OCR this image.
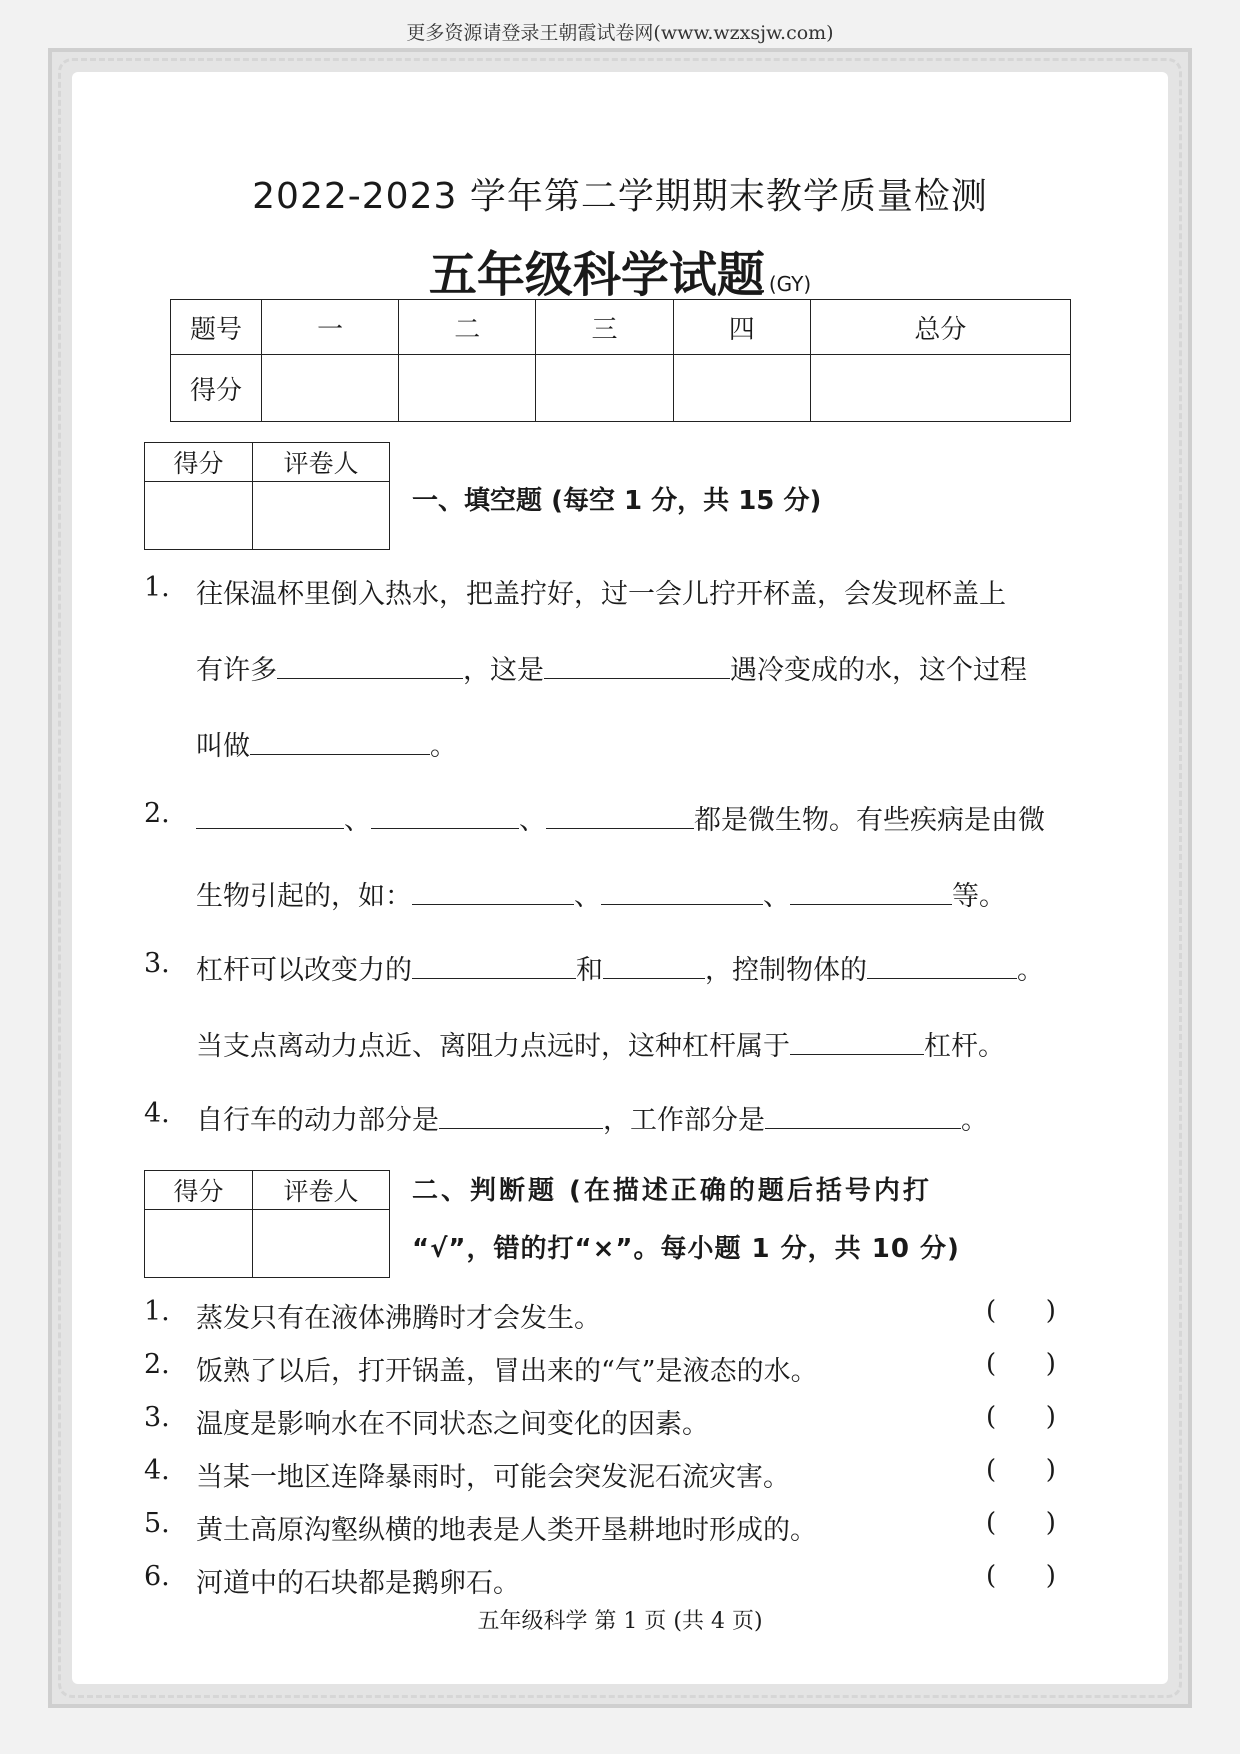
更多资源请登录王朝霞试卷网(www.wzxsjw.com)
2022-2023 学年第二学期期末教学质量检测
五年级科学试题 (GY)
题号	一	二	三	四	总分
得分					
得分	评卷人

一、填空题 (每空 1 分，共 15 分)
1. 往保温杯里倒入热水，把盖拧好，过一会儿拧开杯盖，会发现杯盖上
有许多	，这是	遇冷变成的水，这个过程
叫做	。
2.	、	、	都是微生物。有些疾病是由微
生物引起的，如：	、	、	等。
3. 杠杆可以改变力的	和	，控制物体的	。
当支点离动力点近、离阻力点远时，这种杠杆属于	杠杆。
4. 自行车的动力部分是	，工作部分是	。
得分	评卷人
	二、判断题 (在描述正确的题后括号内打
“√”，错的打“×”。每小题 1 分，共 10 分)
1. 蒸发只有在液体沸腾时才会发生。	(      )
2. 饭熟了以后，打开锅盖，冒出来的“气”是液态的水。	(      )
3. 温度是影响水在不同状态之间变化的因素。	(      )
4. 当某一地区连降暴雨时，可能会突发泥石流灾害。	(      )
5. 黄土高原沟壑纵横的地表是人类开垦耕地时形成的。	(      )
6. 河道中的石块都是鹅卵石。	(      )
五年级科学 第 1 页 (共 4 页)
